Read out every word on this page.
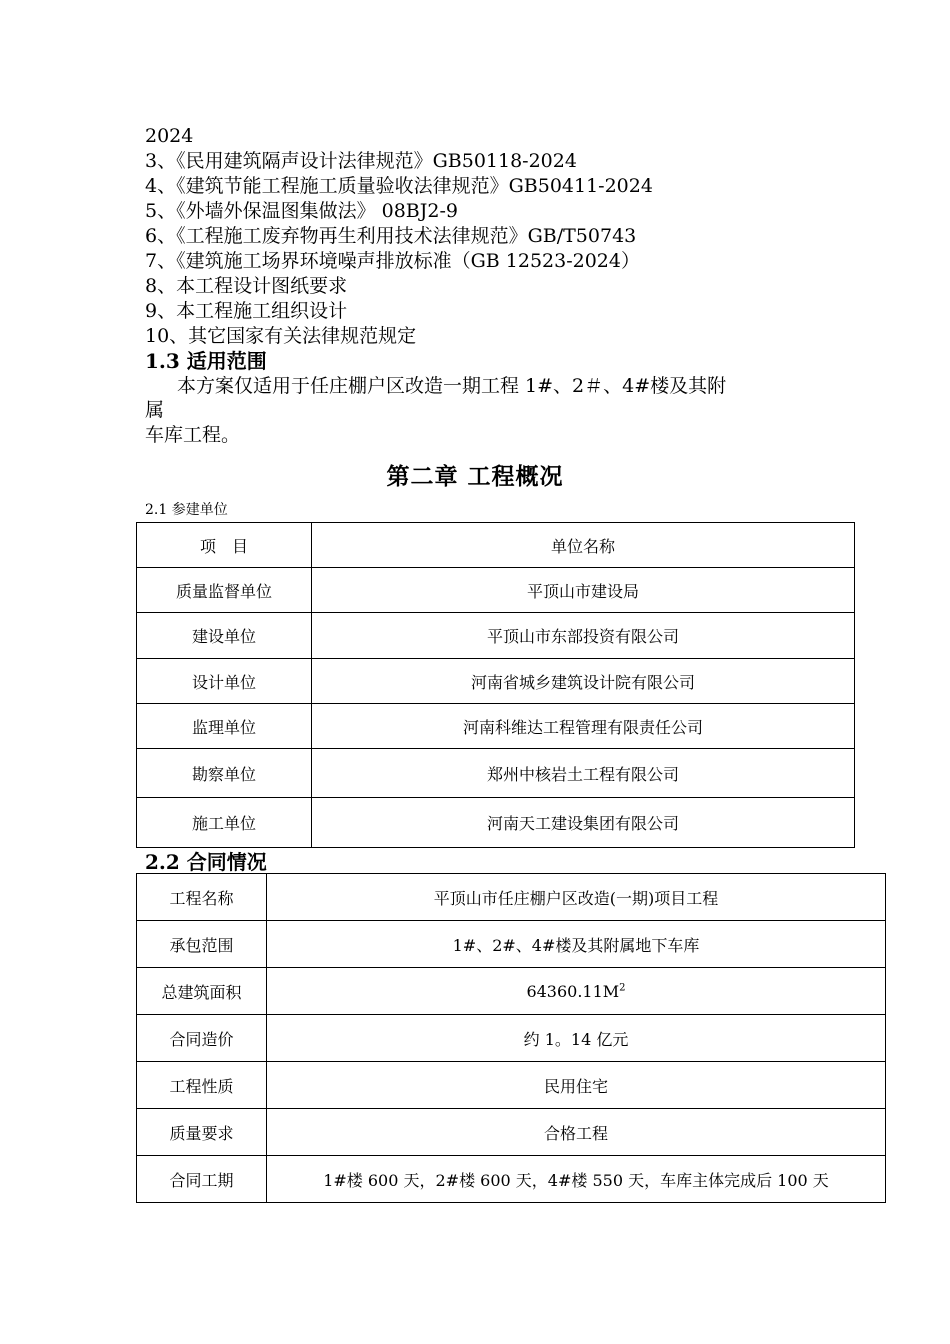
2024
3、《民用建筑隔声设计法律规范》GB50118-2024
4、《建筑节能工程施工质量验收法律规范》GB50411-2024
5、《外墙外保温图集做法》 08BJ2-9
6、《工程施工废弃物再生利用技术法律规范》GB/T50743
7、《建筑施工场界环境噪声排放标准（GB 12523-2024）
8、本工程设计图纸要求
9、本工程施工组织设计
10、其它国家有关法律规范规定
1.3 适用范围
本方案仅适用于任庄棚户区改造一期工程 1#、2＃、4#楼及其附
属
车库工程。
第二章 工程概况
2.1 参建单位
项　目	单位名称
质量监督单位	平顶山市建设局
建设单位	平顶山市东部投资有限公司
设计单位	河南省城乡建筑设计院有限公司
监理单位	河南科维达工程管理有限责任公司
勘察单位	郑州中核岩土工程有限公司
施工单位	河南天工建设集团有限公司
2.2 合同情况
工程名称	平顶山市任庄棚户区改造(一期)项目工程
承包范围	1#、2#、4#楼及其附属地下车库
总建筑面积	$64360.11M^2$
合同造价	约 1。14 亿元
工程性质	民用住宅
质量要求	合格工程
合同工期	1#楼 600 天，2#楼 600 天，4#楼 550 天，车库主体完成后 100 天
